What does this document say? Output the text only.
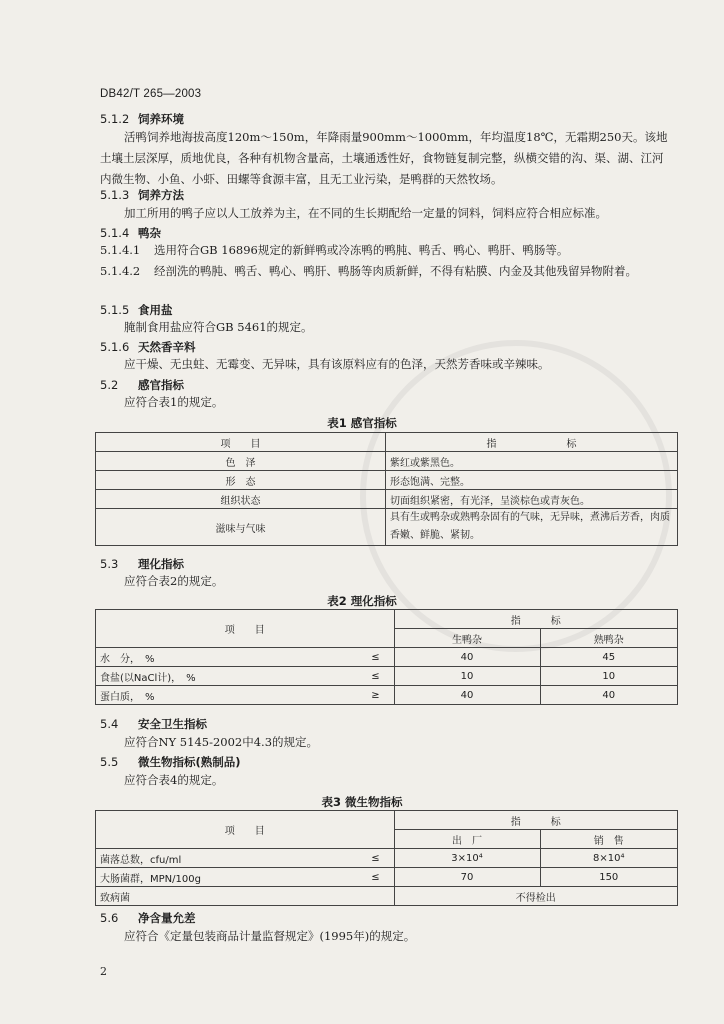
DB42/T 265—2003
5.1.2 饲养环境
活鸭饲养地海拔高度120m～150m，年降雨量900mm～1000mm，年均温度18℃，无霜期250天。该地土壤土层深厚，质地优良，各种有机物含量高，土壤通透性好，食物链复制完整，纵横交错的沟、渠、湖、江河内微生物、小鱼、小虾、田螺等食源丰富，且无工业污染，是鸭群的天然牧场。
5.1.3 饲养方法
加工所用的鸭子应以人工放养为主，在不同的生长期配给一定量的饲料，饲料应符合相应标准。
5.1.4 鸭杂
5.1.4.1 选用符合GB 16896规定的新鲜鸭或冷冻鸭的鸭肫、鸭舌、鸭心、鸭肝、鸭肠等。
5.1.4.2 经剖洗的鸭肫、鸭舌、鸭心、鸭肝、鸭肠等肉质新鲜，不得有粘膜、内金及其他残留异物附着。
5.1.5 食用盐
腌制食用盐应符合GB 5461的规定。
5.1.6 天然香辛料
应干燥、无虫蛀、无霉变、无异味，具有该原料应有的色泽，天然芳香味或辛辣味。
5.2 感官指标
应符合表1的规定。
表1 感官指标
项　　目	指　　　　　　　标
色　泽	紫红或紫黑色。
形　态	形态饱满、完整。
组织状态	切面组织紧密，有光泽，呈淡棕色或青灰色。
滋味与气味	具有生或鸭杂或熟鸭杂固有的气味，无异味，煮沸后芳香，肉质香嫩、鲜脆、紧韧。
5.3 理化指标
应符合表2的规定。
表2 理化指标
项　　目		指　　　标	
		生鸭杂	熟鸭杂
水　分，　%	≤	40	45
食盐(以NaCl计)，　%	≤	10	10
蛋白质，　%	≥	40	40
5.4 安全卫生指标
应符合NY 5145-2002中4.3的规定。
5.5 微生物指标(熟制品)
应符合表4的规定。
表3 微生物指标
项　　目		指　　　标	
		出　厂	销　售
菌落总数，cfu/ml	≤	3×10⁴	8×10⁴
大肠菌群，MPN/100g	≤	70	150
致病菌		不得检出	
5.6 净含量允差
应符合《定量包装商品计量监督规定》(1995年)的规定。
2
